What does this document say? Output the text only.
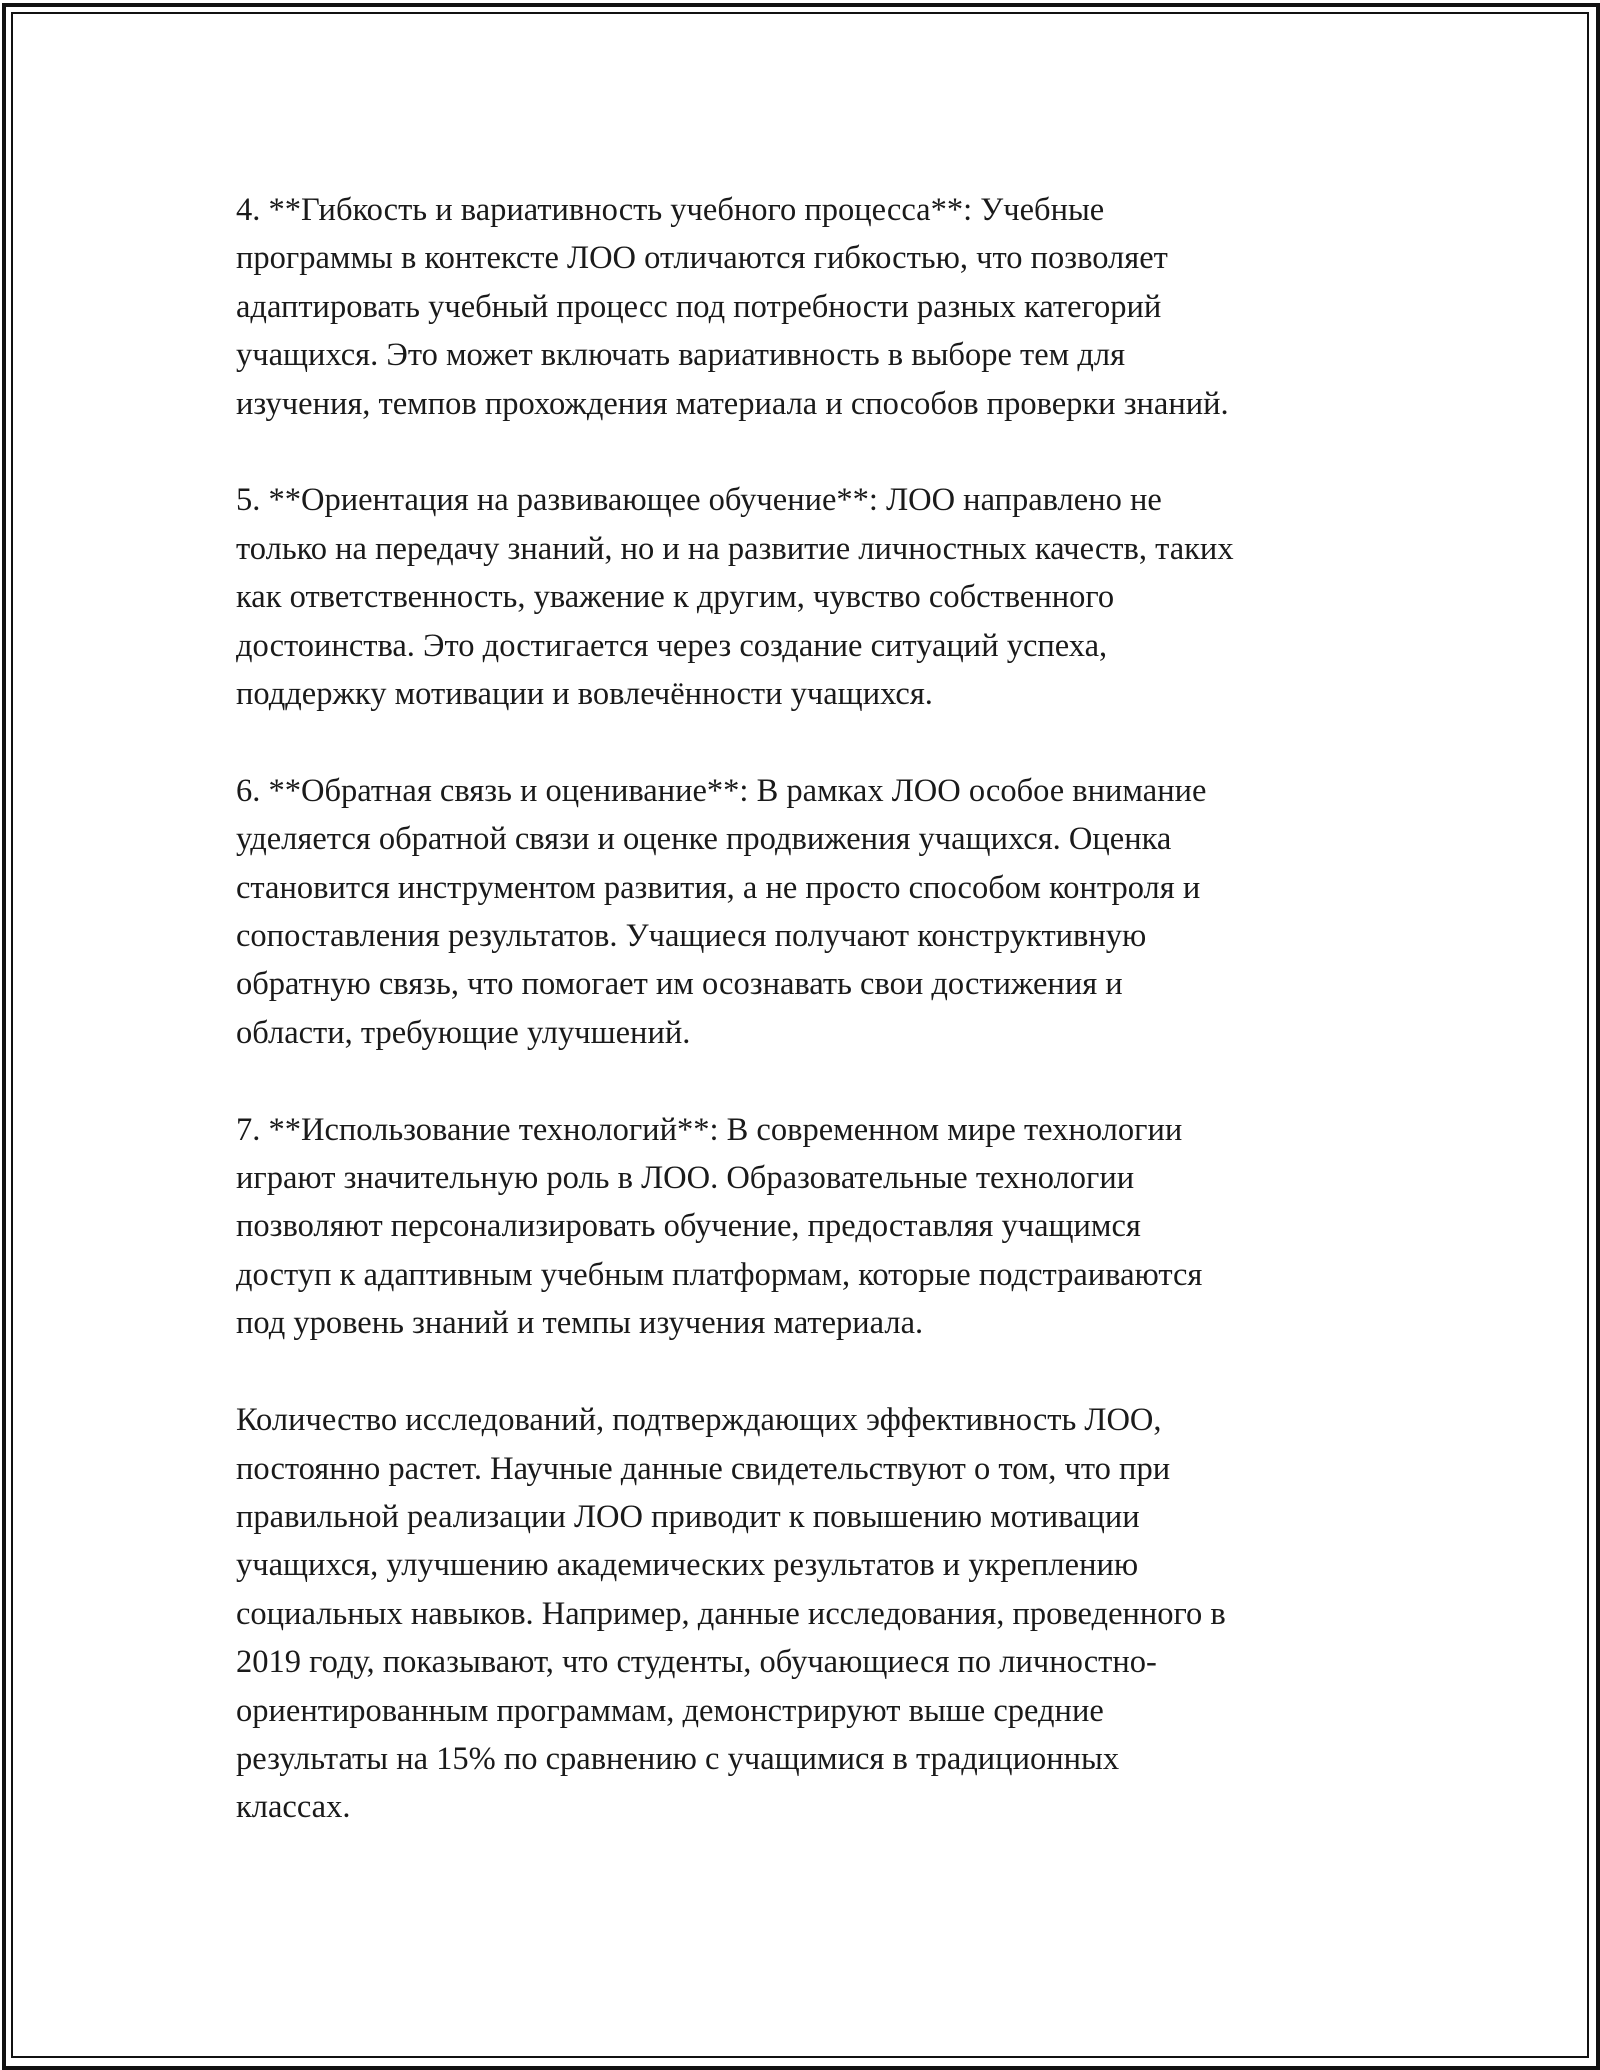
4. **Гибкость и вариативность учебного процесса**: Учебные
программы в контексте ЛОО отличаются гибкостью, что позволяет
адаптировать учебный процесс под потребности разных категорий
учащихся. Это может включать вариативность в выборе тем для
изучения, темпов прохождения материала и способов проверки знаний.

5. **Ориентация на развивающее обучение**: ЛОО направлено не
только на передачу знаний, но и на развитие личностных качеств, таких
как ответственность, уважение к другим, чувство собственного
достоинства. Это достигается через создание ситуаций успеха,
поддержку мотивации и вовлечённости учащихся.

6. **Обратная связь и оценивание**: В рамках ЛОО особое внимание
уделяется обратной связи и оценке продвижения учащихся. Оценка
становится инструментом развития, а не просто способом контроля и
сопоставления результатов. Учащиеся получают конструктивную
обратную связь, что помогает им осознавать свои достижения и
области, требующие улучшений.

7. **Использование технологий**: В современном мире технологии
играют значительную роль в ЛОО. Образовательные технологии
позволяют персонализировать обучение, предоставляя учащимся
доступ к адаптивным учебным платформам, которые подстраиваются
под уровень знаний и темпы изучения материала.

Количество исследований, подтверждающих эффективность ЛОО,
постоянно растет. Научные данные свидетельствуют о том, что при
правильной реализации ЛОО приводит к повышению мотивации
учащихся, улучшению академических результатов и укреплению
социальных навыков. Например, данные исследования, проведенного в
2019 году, показывают, что студенты, обучающиеся по личностно-
ориентированным программам, демонстрируют выше средние
результаты на 15% по сравнению с учащимися в традиционных
классах.
